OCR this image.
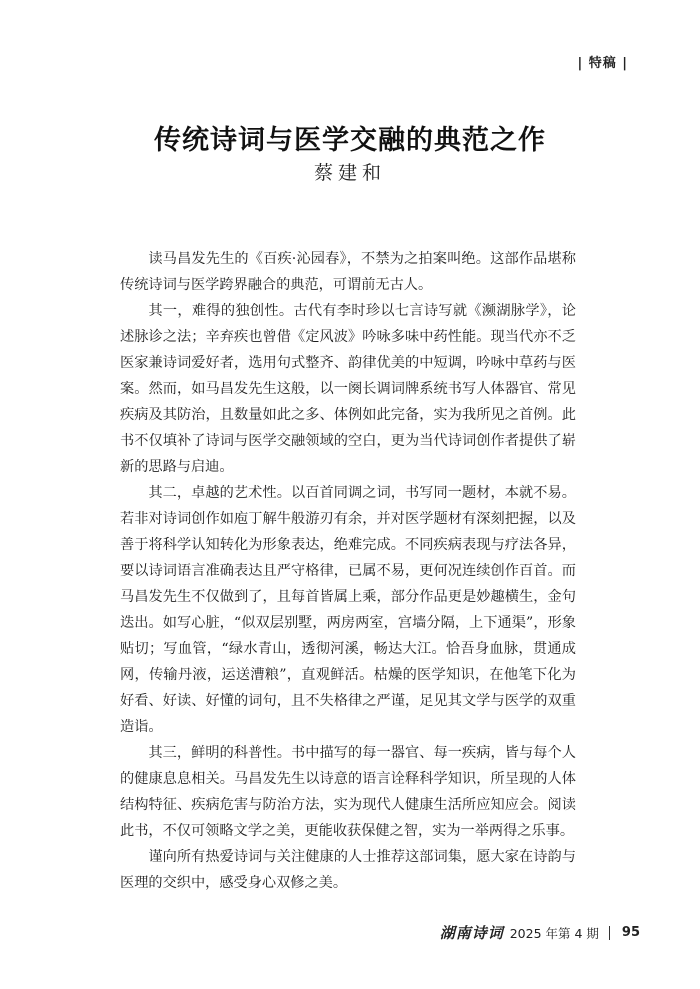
| 特稿 |
传统诗词与医学交融的典范之作
蔡建和

读马昌发先生的《百疾·沁园春》，不禁为之拍案叫绝。这部作品堪称传统诗词与医学跨界融合的典范，可谓前无古人。

其一，难得的独创性。古代有李时珍以七言诗写就《濒湖脉学》，论述脉诊之法；辛弃疾也曾借《定风波》吟咏多味中药性能。现当代亦不乏医家兼诗词爱好者，选用句式整齐、韵律优美的中短调，吟咏中草药与医案。然而，如马昌发先生这般，以一阕长调词牌系统书写人体器官、常见疾病及其防治，且数量如此之多、体例如此完备，实为我所见之首例。此书不仅填补了诗词与医学交融领域的空白，更为当代诗词创作者提供了崭新的思路与启迪。

其二，卓越的艺术性。以百首同调之词，书写同一题材，本就不易。若非对诗词创作如庖丁解牛般游刃有余，并对医学题材有深刻把握，以及善于将科学认知转化为形象表达，绝难完成。不同疾病表现与疗法各异，要以诗词语言准确表达且严守格律，已属不易，更何况连续创作百首。而马昌发先生不仅做到了，且每首皆属上乘，部分作品更是妙趣横生，金句迭出。如写心脏，“似双层别墅，两房两室，宫墙分隔，上下通渠”，形象贴切；写血管，“绿水青山，透彻河溪，畅达大江。恰吾身血脉，贯通成网，传输丹液，运送漕粮”，直观鲜活。枯燥的医学知识，在他笔下化为好看、好读、好懂的词句，且不失格律之严谨，足见其文学与医学的双重造诣。

其三，鲜明的科普性。书中描写的每一器官、每一疾病，皆与每个人的健康息息相关。马昌发先生以诗意的语言诠释科学知识，所呈现的人体结构特征、疾病危害与防治方法，实为现代人健康生活所应知应会。阅读此书，不仅可领略文学之美，更能收获保健之智，实为一举两得之乐事。

谨向所有热爱诗词与关注健康的人士推荐这部词集，愿大家在诗韵与医理的交织中，感受身心双修之美。

湖南诗词 2025 年第 4 期 95
